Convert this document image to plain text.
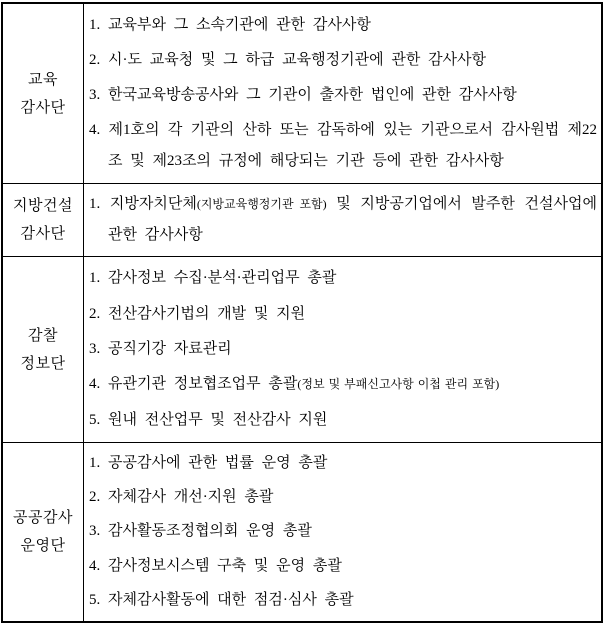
교육
감사단
1. 교육부와 그 소속기관에 관한 감사사항
2. 시·도 교육청 및 그 하급 교육행정기관에 관한 감사사항
3. 한국교육방송공사와 그 기관이 출자한 법인에 관한 감사사항
4. 제1호의 각 기관의 산하 또는 감독하에 있는 기관으로서 감사원법 제22조 및 제23조의 규정에 해당되는 기관 등에 관한 감사사항
지방건설
감사단
1. 지방자치단체(지방교육행정기관 포함) 및 지방공기업에서 발주한 건설사업에 관한 감사사항
감찰
정보단
1. 감사정보 수집·분석·관리업무 총괄
2. 전산감사기법의 개발 및 지원
3. 공직기강 자료관리
4. 유관기관 정보협조업무 총괄(정보 및 부패신고사항 이첩 관리 포함)
5. 원내 전산업무 및 전산감사 지원
공공감사
운영단
1. 공공감사에 관한 법률 운영 총괄
2. 자체감사 개선·지원 총괄
3. 감사활동조정협의회 운영 총괄
4. 감사정보시스템 구축 및 운영 총괄
5. 자체감사활동에 대한 점검·심사 총괄
